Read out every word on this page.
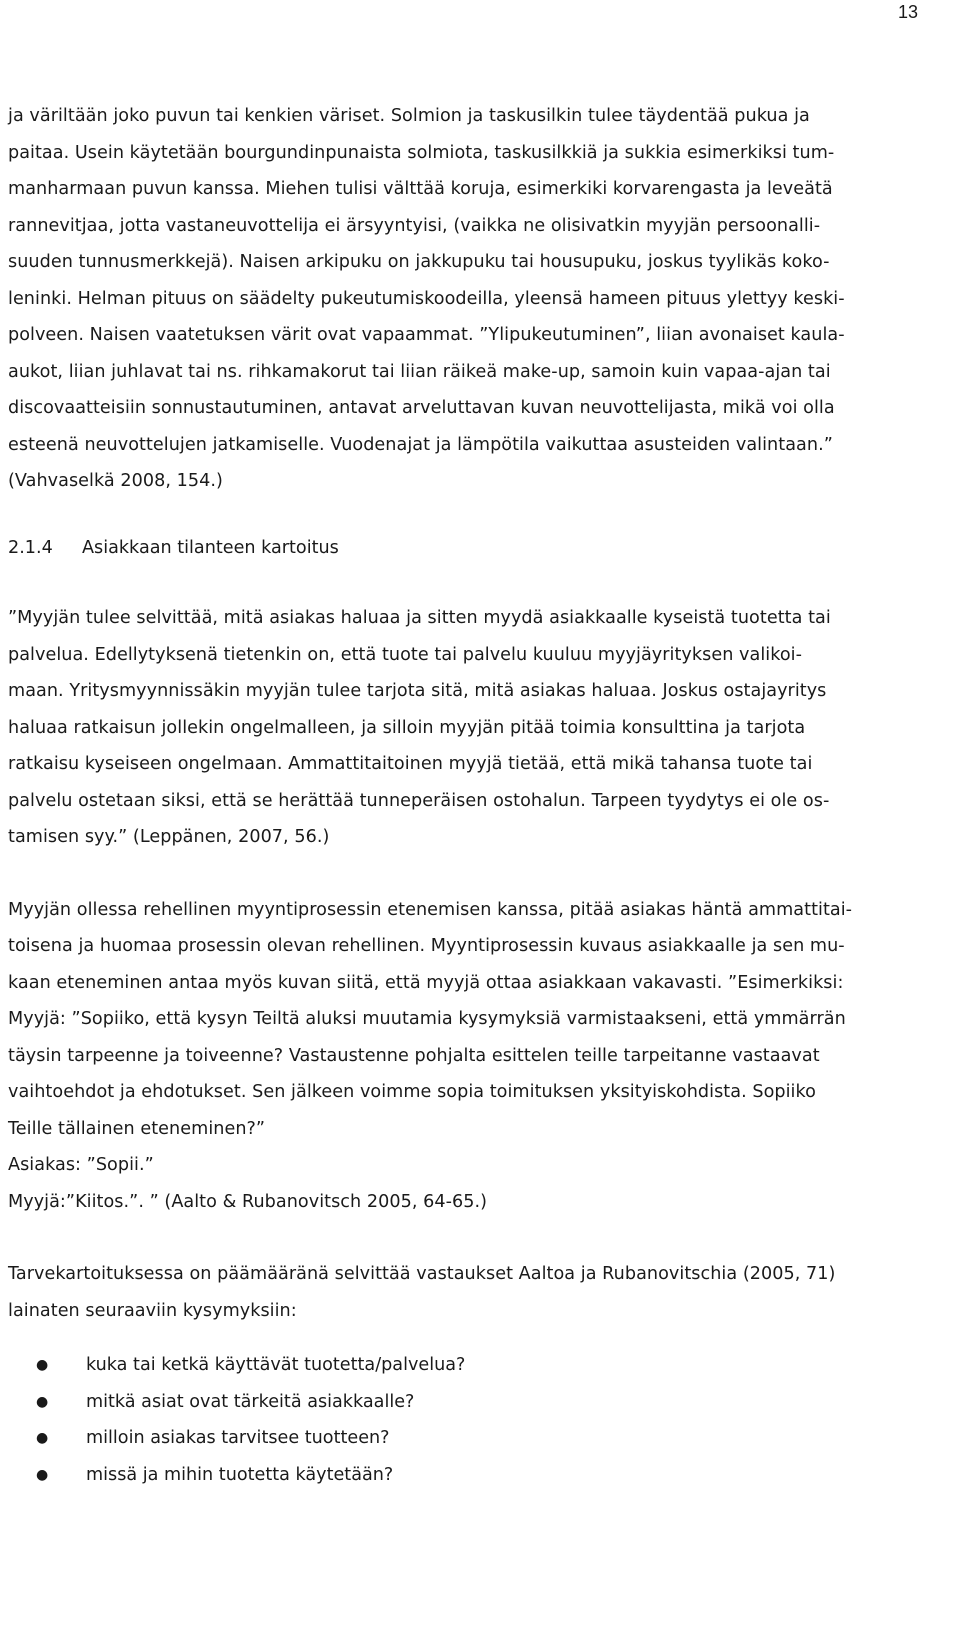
13

ja väriltään joko puvun tai kenkien väriset. Solmion ja taskusilkin tulee täydentää pukua ja
paitaa. Usein käytetään bourgundinpunaista solmiota, taskusilkkiä ja sukkia esimerkiksi tum-
manharmaan puvun kanssa. Miehen tulisi välttää koruja, esimerkiki korvarengasta ja leveätä
rannevitjaa, jotta vastaneuvottelija ei ärsyyntyisi, (vaikka ne olisivatkin myyjän persoonalli-
suuden tunnusmerkkejä). Naisen arkipuku on jakkupuku tai housupuku, joskus tyylikäs koko-
leninki. Helman pituus on säädelty pukeutumiskoodeilla, yleensä hameen pituus ylettyy keski-
polveen. Naisen vaatetuksen värit ovat vapaammat. ”Ylipukeutuminen”, liian avonaiset kaula-
aukot, liian juhlavat tai ns. rihkamakorut tai liian räikeä make-up, samoin kuin vapaa-ajan tai
discovaatteisiin sonnustautuminen, antavat arveluttavan kuvan neuvottelijasta, mikä voi olla
esteenä neuvottelujen jatkamiselle. Vuodenajat ja lämpötila vaikuttaa asusteiden valintaan.”
(Vahvaselkä 2008, 154.)

2.1.4	Asiakkaan tilanteen kartoitus

”Myyjän tulee selvittää, mitä asiakas haluaa ja sitten myydä asiakkaalle kyseistä tuotetta tai
palvelua. Edellytyksenä tietenkin on, että tuote tai palvelu kuuluu myyjäyrityksen valikoi-
maan. Yritysmyynnissäkin myyjän tulee tarjota sitä, mitä asiakas haluaa. Joskus ostajayritys
haluaa ratkaisun jollekin ongelmalleen, ja silloin myyjän pitää toimia konsulttina ja tarjota
ratkaisu kyseiseen ongelmaan. Ammattitaitoinen myyjä tietää, että mikä tahansa tuote tai
palvelu ostetaan siksi, että se herättää tunneperäisen ostohalun. Tarpeen tyydytys ei ole os-
tamisen syy.” (Leppänen, 2007, 56.)

Myyjän ollessa rehellinen myyntiprosessin etenemisen kanssa, pitää asiakas häntä ammattitai-
toisena ja huomaa prosessin olevan rehellinen. Myyntiprosessin kuvaus asiakkaalle ja sen mu-
kaan eteneminen antaa myös kuvan siitä, että myyjä ottaa asiakkaan vakavasti. ”Esimerkiksi:
Myyjä: ”Sopiiko, että kysyn Teiltä aluksi muutamia kysymyksiä varmistaakseni, että ymmärrän
täysin tarpeenne ja toiveenne? Vastaustenne pohjalta esittelen teille tarpeitanne vastaavat
vaihtoehdot ja ehdotukset. Sen jälkeen voimme sopia toimituksen yksityiskohdista. Sopiiko
Teille tällainen eteneminen?”
Asiakas: ”Sopii.”
Myyjä:”Kiitos.”. ” (Aalto & Rubanovitsch 2005, 64-65.)

Tarvekartoituksessa on päämääränä selvittää vastaukset Aaltoa ja Rubanovitschia (2005, 71)
lainaten seuraaviin kysymyksiin:

●	kuka tai ketkä käyttävät tuotetta/palvelua?
●	mitkä asiat ovat tärkeitä asiakkaalle?
●	milloin asiakas tarvitsee tuotteen?
●	missä ja mihin tuotetta käytetään?
